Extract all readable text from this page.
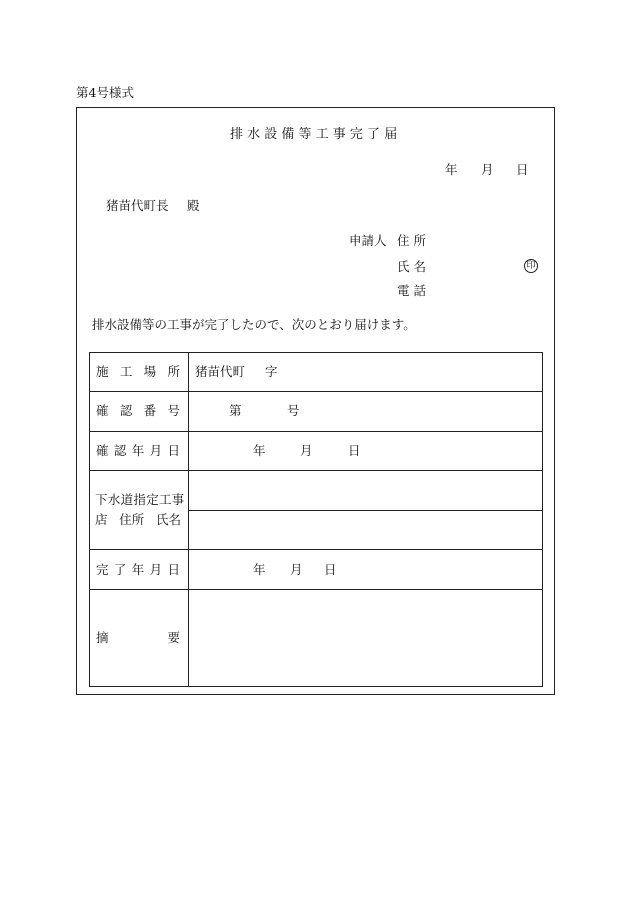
第4号様式
排 水 設 備 等 工 事 完 了 届
年 月 日
猪苗代町長 殿
申請人 住 所
氏 名	印
電 話
排水設備等の工事が完了したので、次のとおり届けます。
施 工 場 所 猪苗代町 字
確 認 番 号	第	号
確 認 年 月 日	年	月	日
下水道指定工事
店 住所 氏名
完 了 年 月 日	年 月 日
摘	要
